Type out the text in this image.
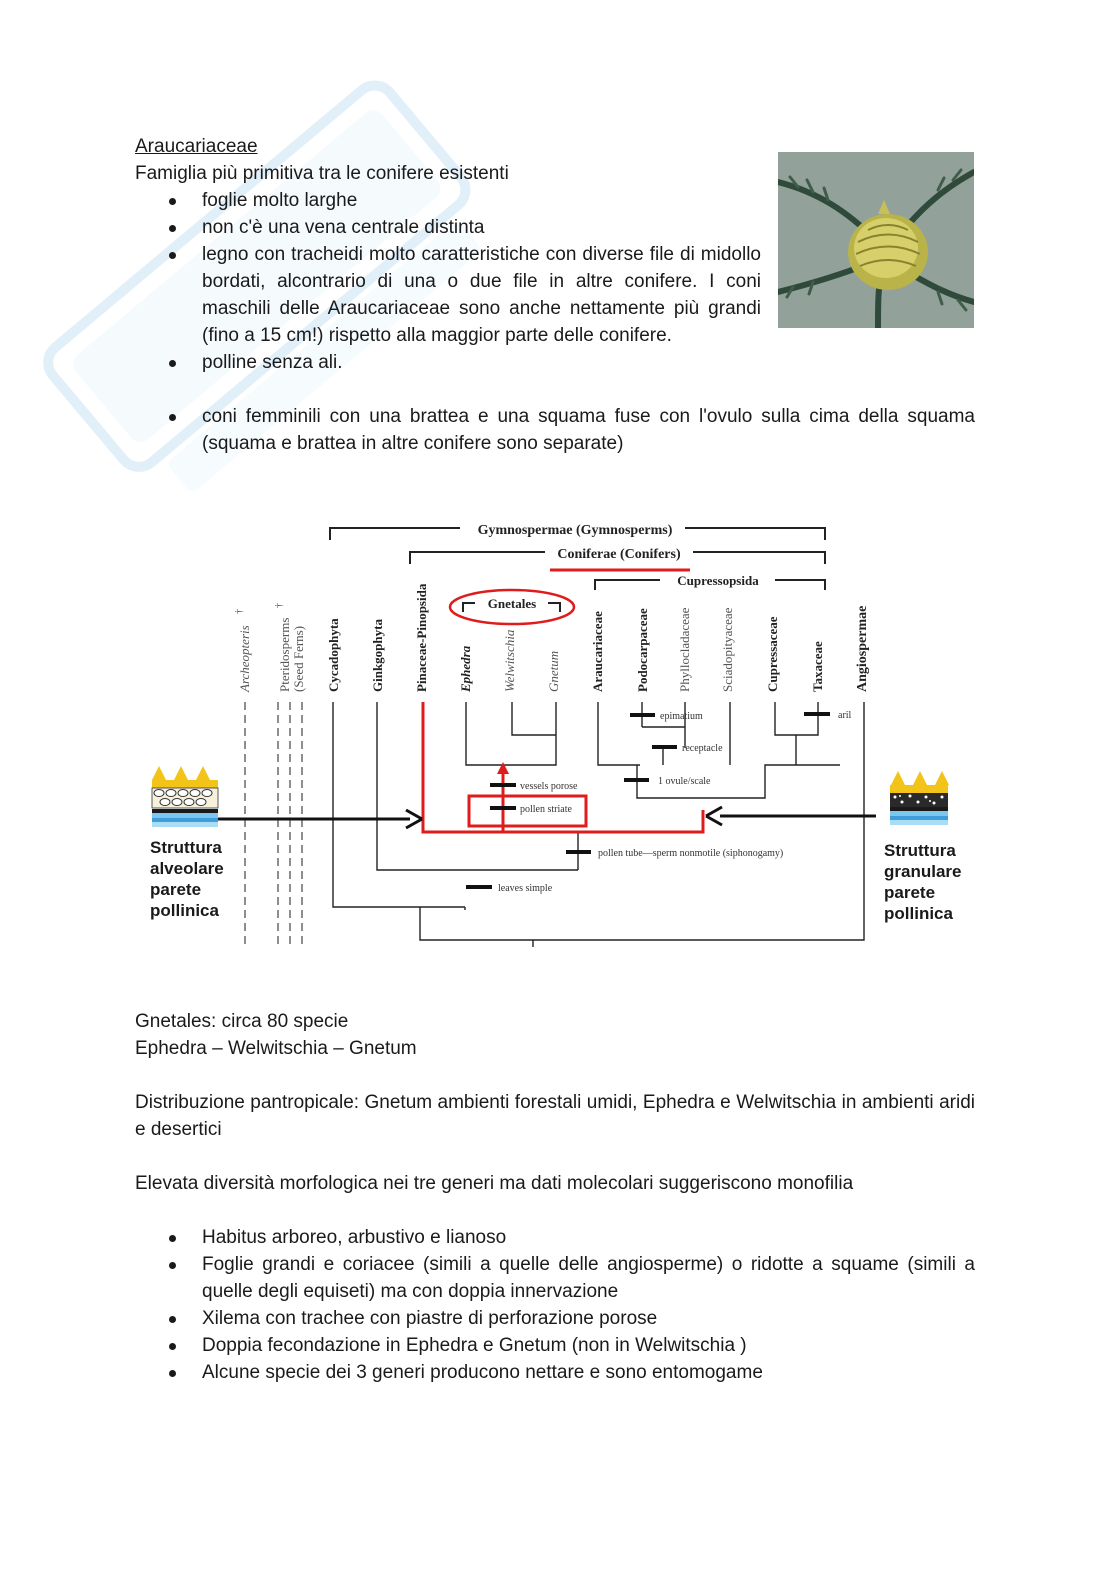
Araucariaceae
Famiglia più primitiva tra le conifere esistenti
foglie molto larghe
non c'è una vena centrale distinta
legno con tracheidi molto caratteristiche con diverse file di midollo bordati, alcontrario di una o due file in altre conifere. I coni maschili delle Araucariaceae sono anche nettamente più grandi (fino a 15 cm!) rispetto alla maggior parte delle conifere.
polline senza ali.
coni femminili con una brattea e una squama fuse con l'ovulo sulla cima della squama (squama e brattea in altre conifere sono separate)
Gymnospermae (Gymnosperms)
Coniferae (Conifers)
Cupressopsida
Gnetales
Archeopteris
†
Pteridosperms
†
(Seed Ferns) Cycadophyta Ginkgophyta Pinaceae-Pinopsida Ephedra Welwitschia Gnetum Araucariaceae Podocarpaceae Phyllocladaceae Sciadopityaceae Cupressaceae Taxaceae Angiospermae
epimatium
receptacle
1 ovule/scale
aril
vessels porose
pollen striate
pollen tube—sperm nonmotile (siphonogamy)
leaves simple
Struttura alveolare parete pollinica
Struttura granulare parete pollinica
Gnetales: circa 80 specie
Ephedra – Welwitschia – Gnetum
Distribuzione pantropicale: Gnetum ambienti forestali umidi, Ephedra e Welwitschia in ambienti aridi e desertici
Elevata diversità morfologica nei tre generi ma dati molecolari suggeriscono monofilia
Habitus arboreo, arbustivo e lianoso
Foglie grandi e coriacee (simili a quelle delle angiosperme) o ridotte a squame (simili a quelle degli equiseti) ma con doppia innervazione
Xilema con trachee con piastre di perforazione porose
Doppia fecondazione in Ephedra e Gnetum (non in Welwitschia )
Alcune specie dei 3 generi producono nettare e sono entomogame
